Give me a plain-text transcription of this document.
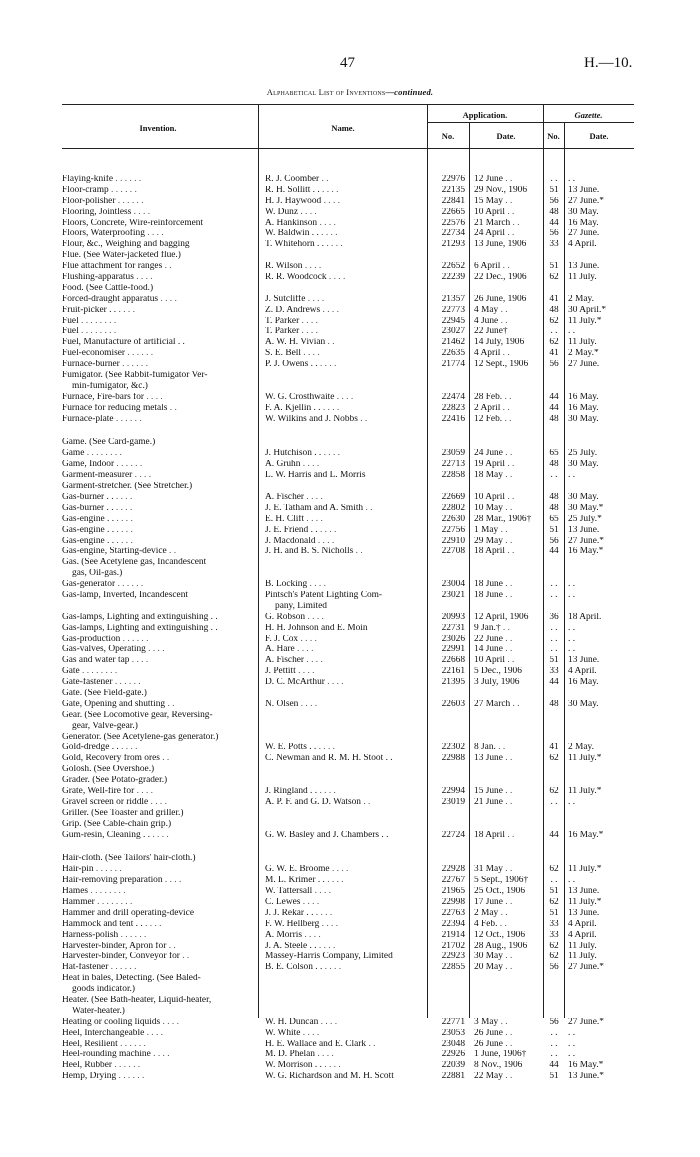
47	H.—10.
Alphabetical List of Inventions—continued.
Invention.	Name.
Application.	Gazette.
No.	Date.	No.	Date.
Flaying-knife . . . . . .	R. J. Coomber . .	22976 12 June . .	. .	. .
Floor-cramp . . . . . .	R. H. Sollitt . . . . . .	22135 29 Nov., 1906	51 13 June.
Floor-polisher . . . . . .	H. J. Haywood . . . .	22841 15 May . .	56 27 June.*
Flooring, Jointless . . . .	W. Dunz . . . .	22665 10 April . .	48 30 May.
Floors, Concrete, Wire-reinforcement	A. Hankinson . . . .	22576 21 March . .	44 16 May.
Floors, Waterproofing . . . .	W. Baldwin . . . . . .	22734 24 April . .	56 27 June.
Flour, &c., Weighing and bagging	T. Whitehorn . . . . . .	21293 13 June, 1906	33 4 April.
Flue. (See Water-jacketed flue.)
Flue attachment for ranges . .	R. Wilson . . . .	22652 6 April . .	51 13 June.
Flushing-apparatus . . . .	R. R. Woodcock . . . .	22239 22 Dec., 1906	62 11 July.
Food. (See Cattle-food.)
Forced-draught apparatus . . . .	J. Sutcliffe . . . .	21357 26 June, 1906	41 2 May.
Fruit-picker . . . . . .	Z. D. Andrews . . . .	22773 4 May . .	48 30 April.*
Fuel . . . . . . . .	T. Parker . . . .	22945 4 June . .	62 11 July.*
Fuel . . . . . . . .	T. Parker . . . .	23027 22 June†	. .	. .
Fuel, Manufacture of artificial . .	A. W. H. Vivian . .	21462 14 July, 1906	62 11 July.
Fuel-economiser . . . . . .	S. E. Bell . . . .	22635 4 April . .	41 2 May.*
Furnace-burner . . . . . .	P. J. Owens . . . . . .	21774 12 Sept., 1906	56 27 June.
Fumigator. (See Rabbit-fumigator Ver-
min-fumigator, &c.)
Furnace, Fire-bars for . . . .	W. G. Crosthwaite . . . .	22474 28 Feb. . .	44 16 May.
Furnace for reducing metals . .	F. A. Kjellin . . . . . .	22823 2 April . .	44 16 May.
Furnace-plate . . . . . .	W. Wilkins and J. Nobbs . .	22416 12 Feb. . .	48 30 May.
Game. (See Card-game.)
Game . . . . . . . .	J. Hutchison . . . . . .	23059 24 June . .	65 25 July.
Game, Indoor . . . . . .	A. Gruhn . . . .	22713 19 April . .	48 30 May.
Garment-measurer . . . .	L. W. Harris and L. Morris	22858 18 May . .	. .	. .
Garment-stretcher. (See Stretcher.)
Gas-burner . . . . . .	A. Fischer . . . .	22669 10 April . .	48 30 May.
Gas-burner . . . . . .	J. E. Tatham and A. Smith . .	22802 10 May . .	48 30 May.*
Gas-engine . . . . . .	E. H. Clift . . . .	22630 28 Mar., 1906†	65 25 July.*
Gas-engine . . . . . .	J. E. Friend . . . . . .	22756 1 May . .	51 13 June.
Gas-engine . . . . . .	J. Macdonald . . . .	22910 29 May . .	56 27 June.*
Gas-engine, Starting-device . .	J. H. and B. S. Nicholls . .	22708 18 April . .	44 16 May.*
Gas. (See Acetylene gas, Incandescent
gas, Oil-gas.)
Gas-generator . . . . . .	B. Locking . . . .	23004 18 June . .	. .	. .
Gas-lamp, Inverted, Incandescent	Pintsch's Patent Lighting Com-	23021 18 June . .	. .	. .
pany, Limited
Gas-lamps, Lighting and extinguishing . .	G. Robson . . . .	20993 12 April, 1906	36 18 April.
Gas-lamps, Lighting and extinguishing . .	H. H. Johnson and E. Moin	22731 9 Jan.† . .	. .	. .
Gas-production . . . . . .	F. J. Cox . . . .	23026 22 June . .	. .	. .
Gas-valves, Operating . . . .	A. Hare . . . .	22991 14 June . .	. .	. .
Gas and water tap . . . .	A. Fischer . . . .	22668 10 April . .	51 13 June.
Gate . . . . . . . .	J. Pettitt . . . .	22161 5 Dec., 1906	33 4 April.
Gate-fastener . . . . . .	D. C. McArthur . . . .	21395 3 July, 1906	44 16 May.
Gate. (See Field-gate.)
Gate, Opening and shutting . .	N. Olsen . . . .	22603 27 March . .	48 30 May.
Gear. (See Locomotive gear, Reversing-
gear, Valve-gear.)
Generator. (See Acetylene-gas generator.)
Gold-dredge . . . . . .	W. E. Potts . . . . . .	22302 8 Jan. . .	41 2 May.
Gold, Recovery from ores . .	C. Newman and R. M. H. Stoot . .	22988 13 June . .	62 11 July.*
Golosh. (See Overshoe.)
Grader. (See Potato-grader.)
Grate, Well-fire for . . . .	J. Ringland . . . . . .	22994 15 June . .	62 11 July.*
Gravel screen or riddle . . . .	A. P. F. and G. D. Watson . .	23019 21 June . .	. .	. .
Griller. (See Toaster and griller.)
Grip. (See Cable-chain grip.)
Gum-resin, Cleaning . . . . . .	G. W. Basley and J. Chambers . .	22724 18 April . .	44 16 May.*
Hair-cloth. (See Tailors' hair-cloth.)
Hair-pin . . . . . .	G. W. E. Broome . . . .	22928 31 May . .	62 11 July.*
Hair-removing preparation . . . .	M. L. Krimer . . . . . .	22767 5 Sept., 1906†	. .	. .
Hames . . . . . . . .	W. Tattersall . . . .	21965 25 Oct., 1906	51 13 June.
Hammer . . . . . . . .	C. Lewes . . . .	22998 17 June . .	62 11 July.*
Hammer and drill operating-device	J. J. Rekar . . . . . .	22763 2 May . .	51 13 June.
Hammock and tent . . . . . .	F. W. Hellberg . . . .	22394 4 Feb. . .	33 4 April.
Harness-polish . . . . . .	A. Morris . . . .	21914 12 Oct., 1906	33 4 April.
Harvester-binder, Apron for . .	J. A. Steele . . . . . .	21702 28 Aug., 1906	62 11 July.
Harvester-binder, Conveyor for . .	Massey-Harris Company, Limited	22923 30 May . .	62 11 July.
Hat-fastener . . . . . .	B. E. Colson . . . . . .	22855 20 May . .	56 27 June.*
Heat in bales, Detecting. (See Baled-
goods indicator.)
Heater. (See Bath-heater, Liquid-heater,
Water-heater.)
Heating or cooling liquids . . . .	W. H. Duncan . . . .	22771 3 May . .	56 27 June.*
Heel, Interchangeable . . . .	W. White . . . .	23053 26 June . .	. .	. .
Heel, Resilient . . . . . .	H. E. Wallace and E. Clark . .	23048 26 June . .	. .	. .
Heel-rounding machine . . . .	M. D. Phelan . . . .	22926 1 June, 1906†	. .	. .
Heel, Rubber . . . . . .	W. Morrison . . . . . .	22039 8 Nov., 1906	44 16 May.*
Hemp, Drying . . . . . .	W. G. Richardson and M. H. Scott	22881 22 May . .	51 13 June.*
